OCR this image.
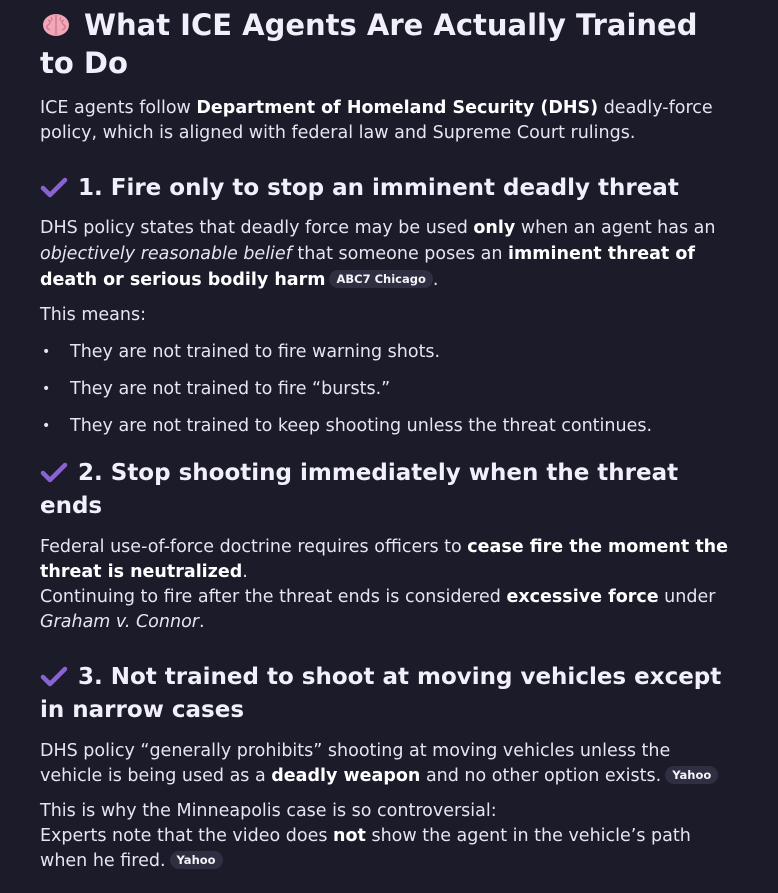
What ICE Agents Are Actually Trained to Do

ICE agents follow Department of Homeland Security (DHS) deadly-force policy, which is aligned with federal law and Supreme Court rulings.

1. Fire only to stop an imminent deadly threat

DHS policy states that deadly force may be used only when an agent has an objectively reasonable belief that someone poses an imminent threat of death or serious bodily harm ABC7 Chicago .

This means:

• They are not trained to fire warning shots.
• They are not trained to fire “bursts.”
• They are not trained to keep shooting unless the threat continues.
2. Stop shooting immediately when the threat ends

Federal use-of-force doctrine requires officers to cease fire the moment the threat is neutralized.
Continuing to fire after the threat ends is considered excessive force under Graham v. Connor.

3. Not trained to shoot at moving vehicles except in narrow cases

DHS policy “generally prohibits” shooting at moving vehicles unless the vehicle is being used as a deadly weapon and no other option exists. Yahoo

This is why the Minneapolis case is so controversial:
Experts note that the video does not show the agent in the vehicle’s path when he fired. Yahoo
